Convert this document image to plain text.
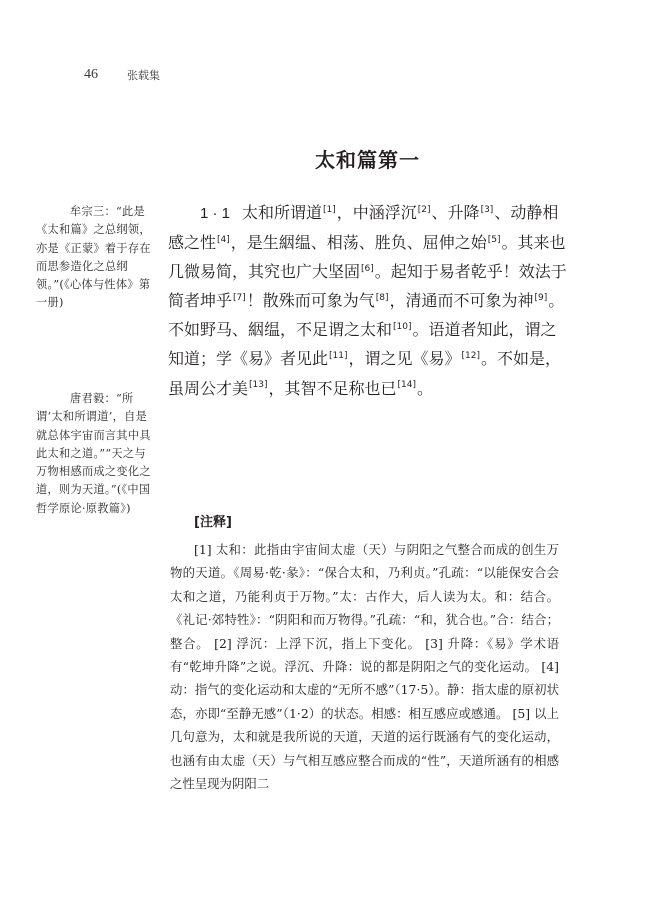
46	张载集
太和篇第一

牟宗三：“此是《太和篇》之总纲领，亦是《正蒙》着于存在而思参造化之总纲领。”(《心体与性体》第一册)

唐君毅：“所谓‘太和所谓道’，自是就总体宇宙而言其中具此太和之道。”“天之与万物相感而成之变化之道，则为天道。”(《中国哲学原论·原教篇》)

1 · 1 太和所谓道[1]，中涵浮沉[2]、升降[3]、动静相感之性[4]，是生絪缊、相荡、胜负、屈伸之始[5]。其来也几微易简，其究也广大坚固[6]。起知于易者乾乎！效法于简者坤乎[7]！散殊而可象为气[8]，清通而不可象为神[9]。不如野马、絪缊，不足谓之太和[10]。语道者知此，谓之知道；学《易》者见此[11]，谓之见《易》[12]。不如是，虽周公才美[13]，其智不足称也已[14]。

[注释]

[1] 太和：此指由宇宙间太虚（天）与阴阳之气整合而成的创生万物的天道。《周易·乾·彖》：“保合太和，乃利贞。”孔疏：“以能保安合会太和之道，乃能利贞于万物。”太：古作大，后人读为太。和：结合。《礼记·郊特牲》：“阴阳和而万物得。”孔疏：“和，犹合也。”合：结合；整合。 [2] 浮沉：上浮下沉，指上下变化。 [3] 升降：《易》学术语有“乾坤升降”之说。浮沉、升降：说的都是阴阳之气的变化运动。 [4] 动：指气的变化运动和太虚的“无所不感”（17·5）。静：指太虚的原初状态，亦即“至静无感”（1·2）的状态。相感：相互感应或感通。 [5] 以上几句意为，太和就是我所说的天道，天道的运行既涵有气的变化运动，也涵有由太虚（天）与气相互感应整合而成的“性”，天道所涵有的相感之性呈现为阴阳二
